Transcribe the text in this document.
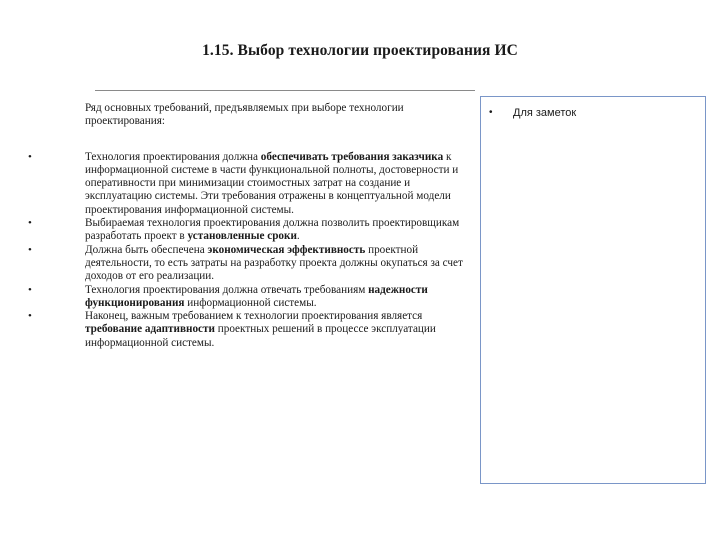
1.15. Выбор технологии проектирования ИС
Ряд основных требований, предъявляемых при выборе технологии проектирования:
•	Технология проектирования должна обеспечивать требования заказчика к информационной системе в части функциональной полноты, достоверности и оперативности при минимизации стоимостных затрат на создание и эксплуатацию системы. Эти требования отражены в концептуальной модели проектирования информационной системы.
•	Выбираемая технология проектирования должна позволить проектировщикам разработать проект в установленные сроки.
•	Должна быть обеспечена экономическая эффективность проектной деятельности, то есть затраты на разработку проекта должны окупаться за счет доходов от его реализации.
•	Технология проектирования должна отвечать требованиям надежности функционирования информационной системы.
•	Наконец, важным требованием к технологии проектирования является требование адаптивности проектных решений в процессе эксплуатации информационной системы.
• Для заметок
